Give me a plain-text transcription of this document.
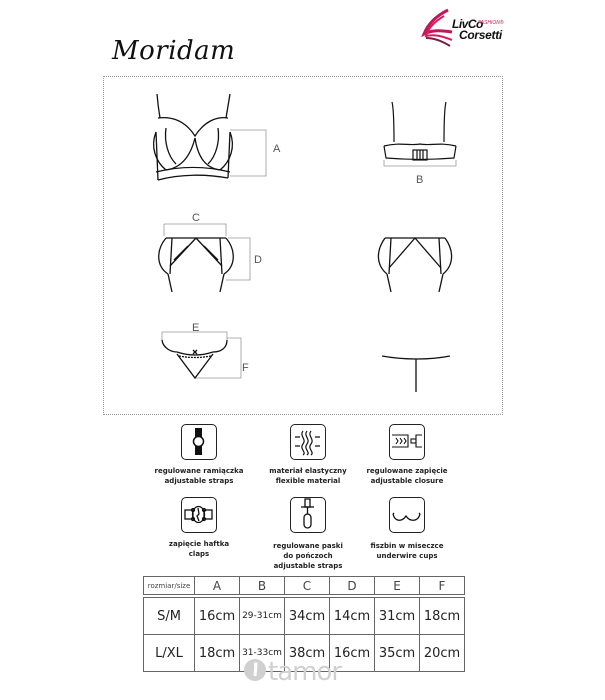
LivCo
FASHION®
Corsetti
Moridam
A
B
C
D
E
F
regulowane ramiączka
adjustable straps
materiał elastyczny
flexible material
regulowane zapięcie
adjustable closure
zapięcie haftka
claps
regulowane paski
do pończoch
adjustable straps
fiszbin w miseczce
underwire cups
rozmiar/size	A	B	C	D	E	F

S/M	16cm	29-31cm	34cm	14cm	31cm	18cm
L/XL	18cm	31-33cm	38cm	16cm	35cm	20cm
tamor
